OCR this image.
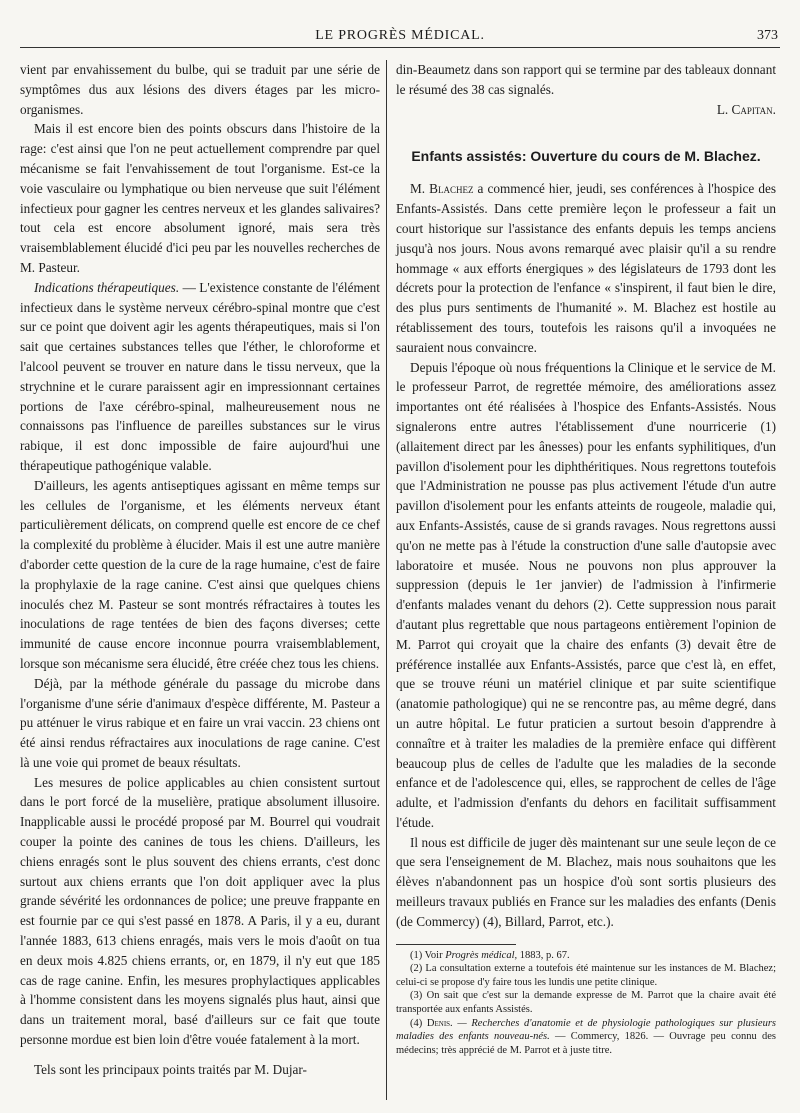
LE PROGRÈS MÉDICAL.	373

vient par envahissement du bulbe, qui se traduit par une série de symptômes dus aux lésions des divers étages par les micro-organismes.

Mais il est encore bien des points obscurs dans l'histoire de la rage: c'est ainsi que l'on ne peut actuellement comprendre par quel mécanisme se fait l'envahissement de tout l'organisme. Est-ce la voie vasculaire ou lymphatique ou bien nerveuse que suit l'élément infectieux pour gagner les centres nerveux et les glandes salivaires? tout cela est encore absolument ignoré, mais sera très vraisemblablement élucidé d'ici peu par les nouvelles recherches de M. Pasteur.

Indications thérapeutiques. — L'existence constante de l'élément infectieux dans le système nerveux cérébro-spinal montre que c'est sur ce point que doivent agir les agents thérapeutiques, mais si l'on sait que certaines substances telles que l'éther, le chloroforme et l'alcool peuvent se trouver en nature dans le tissu nerveux, que la strychnine et le curare paraissent agir en impressionnant certaines portions de l'axe cérébro-spinal, malheureusement nous ne connaissons pas l'influence de pareilles substances sur le virus rabique, il est donc impossible de faire aujourd'hui une thérapeutique pathogénique valable.

D'ailleurs, les agents antiseptiques agissant en même temps sur les cellules de l'organisme, et les éléments nerveux étant particulièrement délicats, on comprend quelle est encore de ce chef la complexité du problème à élucider. Mais il est une autre manière d'aborder cette question de la cure de la rage humaine, c'est de faire la prophylaxie de la rage canine. C'est ainsi que quelques chiens inoculés chez M. Pasteur se sont montrés réfractaires à toutes les inoculations de rage tentées de bien des façons diverses; cette immunité de cause encore inconnue pourra vraisemblablement, lorsque son mécanisme sera élucidé, être créée chez tous les chiens.

Déjà, par la méthode générale du passage du microbe dans l'organisme d'une série d'animaux d'espèce différente, M. Pasteur a pu atténuer le virus rabique et en faire un vrai vaccin. 23 chiens ont été ainsi rendus réfractaires aux inoculations de rage canine. C'est là une voie qui promet de beaux résultats.

Les mesures de police applicables au chien consistent surtout dans le port forcé de la muselière, pratique absolument illusoire. Inapplicable aussi le procédé proposé par M. Bourrel qui voudrait couper la pointe des canines de tous les chiens. D'ailleurs, les chiens enragés sont le plus souvent des chiens errants, c'est donc surtout aux chiens errants que l'on doit appliquer avec la plus grande sévérité les ordonnances de police; une preuve frappante en est fournie par ce qui s'est passé en 1878. A Paris, il y a eu, durant l'année 1883, 613 chiens enragés, mais vers le mois d'août on tua en deux mois 4.825 chiens errants, or, en 1879, il n'y eut que 185 cas de rage canine. Enfin, les mesures prophylactiques applicables à l'homme consistent dans les moyens signalés plus haut, ainsi que dans un traitement moral, basé d'ailleurs sur ce fait que toute personne mordue est bien loin d'être vouée fatalement à la mort.

Tels sont les principaux points traités par M. Dujar-

din-Beaumetz dans son rapport qui se termine par des tableaux donnant le résumé des 38 cas signalés.

L. Capitan.

Enfants assistés: Ouverture du cours de M. Blachez.

M. Blachez a commencé hier, jeudi, ses conférences à l'hospice des Enfants-Assistés. Dans cette première leçon le professeur a fait un court historique sur l'assistance des enfants depuis les temps anciens jusqu'à nos jours. Nous avons remarqué avec plaisir qu'il a su rendre hommage « aux efforts énergiques » des législateurs de 1793 dont les décrets pour la protection de l'enfance « s'inspirent, il faut bien le dire, des plus purs sentiments de l'humanité ». M. Blachez est hostile au rétablissement des tours, toutefois les raisons qu'il a invoquées ne sauraient nous convaincre.

Depuis l'époque où nous fréquentions la Clinique et le service de M. le professeur Parrot, de regrettée mémoire, des améliorations assez importantes ont été réalisées à l'hospice des Enfants-Assistés. Nous signalerons entre autres l'établissement d'une nourricerie (1) (allaitement direct par les ânesses) pour les enfants syphilitiques, d'un pavillon d'isolement pour les diphthéritiques. Nous regrettons toutefois que l'Administration ne pousse pas plus activement l'étude d'un autre pavillon d'isolement pour les enfants atteints de rougeole, maladie qui, aux Enfants-Assistés, cause de si grands ravages. Nous regrettons aussi qu'on ne mette pas à l'étude la construction d'une salle d'autopsie avec laboratoire et musée. Nous ne pouvons non plus approuver la suppression (depuis le 1er janvier) de l'admission à l'infirmerie d'enfants malades venant du dehors (2). Cette suppression nous parait d'autant plus regrettable que nous partageons entièrement l'opinion de M. Parrot qui croyait que la chaire des enfants (3) devait être de préférence installée aux Enfants-Assistés, parce que c'est là, en effet, que se trouve réuni un matériel clinique et par suite scientifique (anatomie pathologique) qui ne se rencontre pas, au même degré, dans un autre hôpital. Le futur praticien a surtout besoin d'apprendre à connaître et à traiter les maladies de la première enface qui diffèrent beaucoup plus de celles de l'adulte que les maladies de la seconde enfance et de l'adolescence qui, elles, se rapprochent de celles de l'âge adulte, et l'admission d'enfants du dehors en facilitait suffisamment l'étude.

Il nous est difficile de juger dès maintenant sur une seule leçon de ce que sera l'enseignement de M. Blachez, mais nous souhaitons que les élèves n'abandonnent pas un hospice d'où sont sortis plusieurs des meilleurs travaux publiés en France sur les maladies des enfants (Denis (de Commercy) (4), Billard, Parrot, etc.).

(1) Voir Progrès médical, 1883, p. 67.

(2) La consultation externe a toutefois été maintenue sur les instances de M. Blachez; celui-ci se propose d'y faire tous les lundis une petite clinique.

(3) On sait que c'est sur la demande expresse de M. Parrot que la chaire avait été transportée aux enfants Assistés.

(4) Denis. — Recherches d'anatomie et de physiologie pathologiques sur plusieurs maladies des enfants nouveau-nés. — Commercy, 1826. — Ouvrage peu connu des médecins; très apprécié de M. Parrot et à juste titre.
